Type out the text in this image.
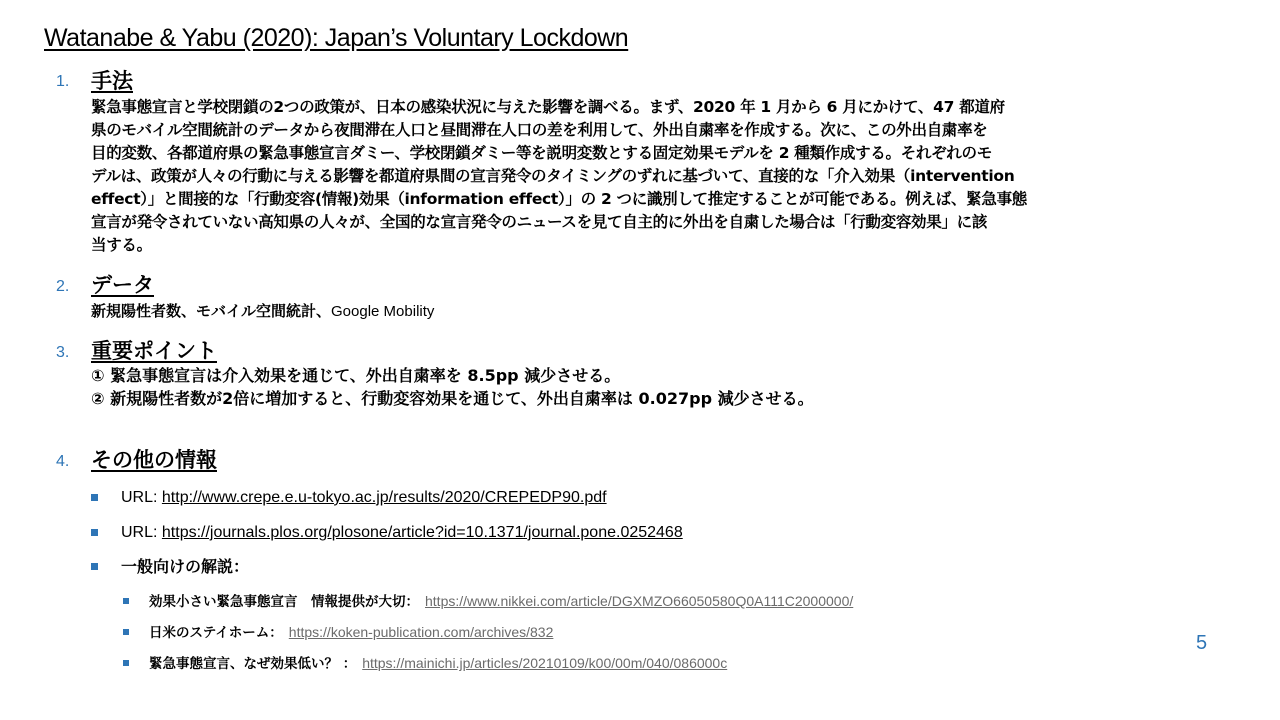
Watanabe & Yabu (2020): Japan’s Voluntary Lockdown
1. 手法
緊急事態宣言と学校閉鎖の2つの政策が、日本の感染状況に与えた影響を調べる。まず、2020 年 1 月から 6 月にかけて、47 都道府
県のモバイル空間統計のデータから夜間滞在人口と昼間滞在人口の差を利用して、外出自粛率を作成する。次に、この外出自粛率を
目的変数、各都道府県の緊急事態宣言ダミー、学校閉鎖ダミー等を説明変数とする固定効果モデルを 2 種類作成する。それぞれのモ
デルは、政策が人々の行動に与える影響を都道府県間の宣言発令のタイミングのずれに基づいて、直接的な「介入効果（intervention
effect）」と間接的な「行動変容(情報)効果（information effect）」の 2 つに識別して推定することが可能である。例えば、緊急事態
宣言が発令されていない高知県の人々が、全国的な宣言発令のニュースを見て自主的に外出を自粛した場合は「行動変容効果」に該
当する。
2. データ
新規陽性者数、モバイル空間統計、Google Mobility
3. 重要ポイント
① 緊急事態宣言は介入効果を通じて、外出自粛率を 8.5pp 減少させる。
② 新規陽性者数が2倍に増加すると、行動変容効果を通じて、外出自粛率は 0.027pp 減少させる。
4. その他の情報
URL: http://www.crepe.e.u-tokyo.ac.jp/results/2020/CREPEDP90.pdf
URL: https://journals.plos.org/plosone/article?id=10.1371/journal.pone.0252468
一般向けの解説：
効果小さい緊急事態宣言　情報提供が大切： https://www.nikkei.com/article/DGXMZO66050580Q0A111C2000000/
日米のステイホーム： https://koken-publication.com/archives/832
緊急事態宣言、なぜ効果低い？ ： https://mainichi.jp/articles/20210109/k00/00m/040/086000c
5
